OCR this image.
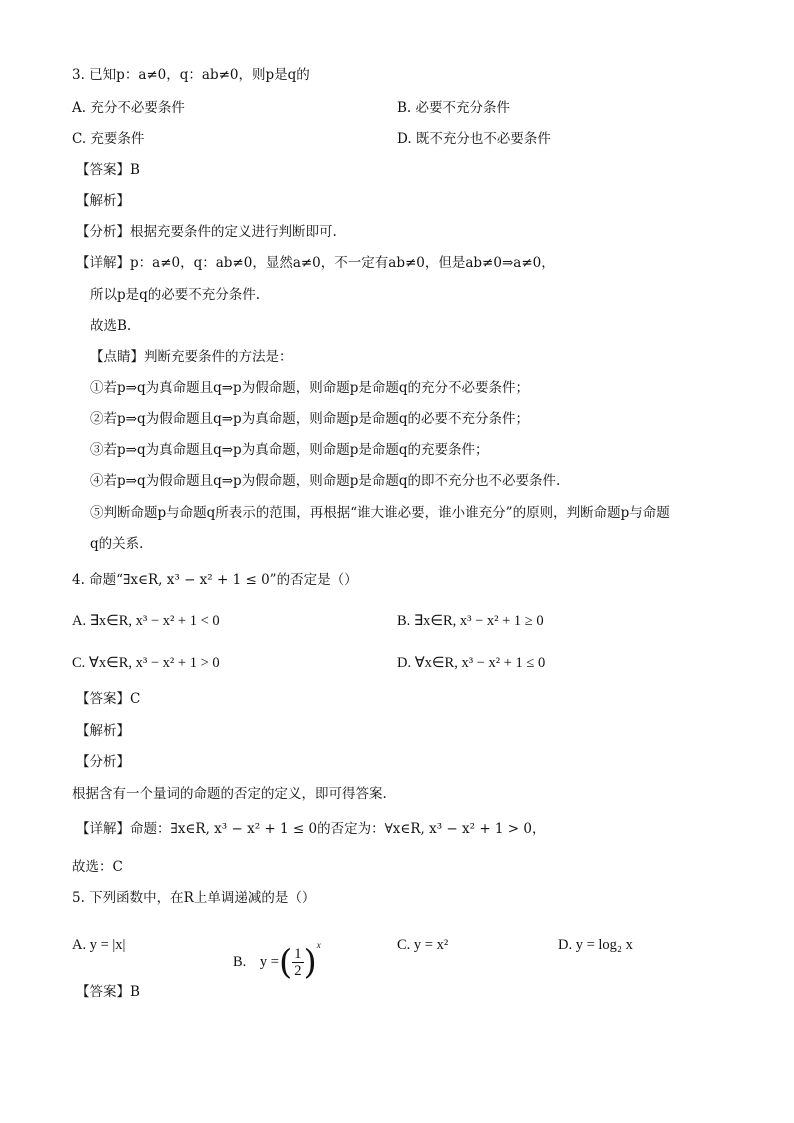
3. 已知p：a≠0，q：ab≠0，则p是q的
A. 充分不必要条件	B. 必要不充分条件
C. 充要条件	D. 既不充分也不必要条件
【答案】B
【解析】
【分析】根据充要条件的定义进行判断即可.
【详解】p：a≠0，q：ab≠0，显然a≠0，不一定有ab≠0，但是ab≠0⇒a≠0，
所以p是q的必要不充分条件.
故选B.
【点睛】判断充要条件的方法是：
①若p⇒q为真命题且q⇒p为假命题，则命题p是命题q的充分不必要条件；
②若p⇒q为假命题且q⇒p为真命题，则命题p是命题q的必要不充分条件；
③若p⇒q为真命题且q⇒p为真命题，则命题p是命题q的充要条件；
④若p⇒q为假命题且q⇒p为假命题，则命题p是命题q的即不充分也不必要条件.
⑤判断命题p与命题q所表示的范围，再根据“谁大谁必要，谁小谁充分”的原则，判断命题p与命题
q的关系.
4. 命题“∃x∈R, x³ − x² + 1 ≤ 0”的否定是（）
A. ∃x∈R, x³ − x² + 1 < 0	B. ∃x∈R, x³ − x² + 1 ≥ 0
C. ∀x∈R, x³ − x² + 1 > 0	D. ∀x∈R, x³ − x² + 1 ≤ 0
【答案】C
【解析】
【分析】
根据含有一个量词的命题的否定的定义，即可得答案.
【详解】命题：∃x∈R, x³ − x² + 1 ≤ 0的否定为：∀x∈R, x³ − x² + 1 > 0，
故选：C
5. 下列函数中，在R上单调递减的是（）
A. y = |x|
B. y =( $\frac{1}{2} )^x$	C. y = x²	D. y = log₂ x
【答案】B
